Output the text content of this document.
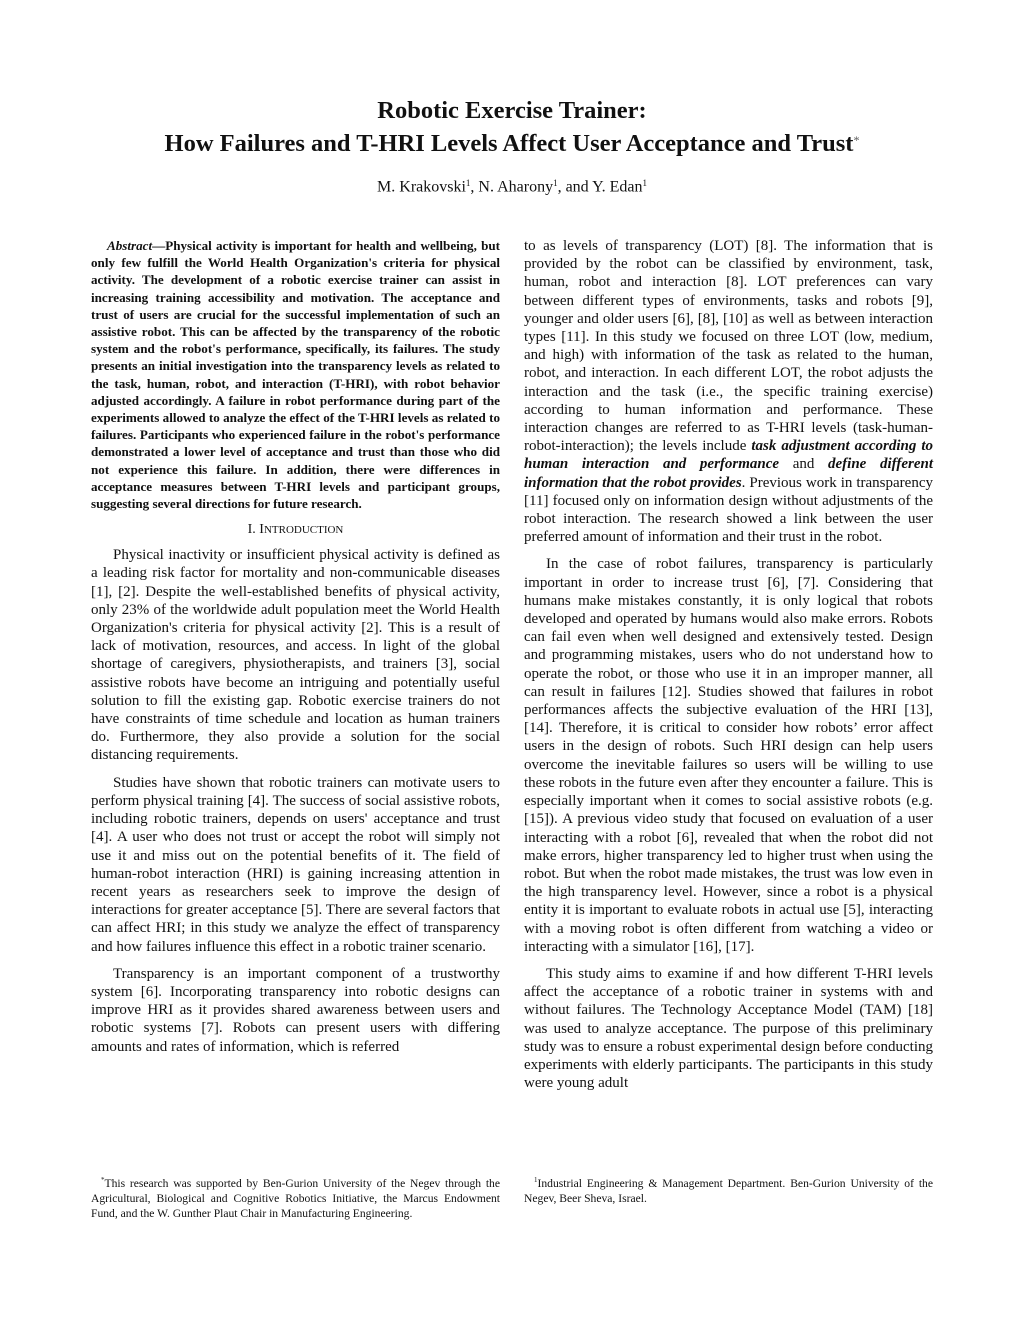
Robotic Exercise Trainer:
How Failures and T-HRI Levels Affect User Acceptance and Trust*
M. Krakovski$^1$, N. Aharony$^1$, and Y. Edan$^1$

Abstract—Physical activity is important for health and wellbeing, but only few fulfill the World Health Organization's criteria for physical activity. The development of a robotic exercise trainer can assist in increasing training accessibility and motivation. The acceptance and trust of users are crucial for the successful implementation of such an assistive robot. This can be affected by the transparency of the robotic system and the robot's performance, specifically, its failures. The study presents an initial investigation into the transparency levels as related to the task, human, robot, and interaction (T-HRI), with robot behavior adjusted accordingly. A failure in robot performance during part of the experiments allowed to analyze the effect of the T-HRI levels as related to failures. Participants who experienced failure in the robot's performance demonstrated a lower level of acceptance and trust than those who did not experience this failure. In addition, there were differences in acceptance measures between T-HRI levels and participant groups, suggesting several directions for future research.

I. INTRODUCTION

Physical inactivity or insufficient physical activity is defined as a leading risk factor for mortality and non-communicable diseases [1], [2]. Despite the well-established benefits of physical activity, only 23% of the worldwide adult population meet the World Health Organization's criteria for physical activity [2]. This is a result of lack of motivation, resources, and access. In light of the global shortage of caregivers, physiotherapists, and trainers [3], social assistive robots have become an intriguing and potentially useful solution to fill the existing gap. Robotic exercise trainers do not have constraints of time schedule and location as human trainers do. Furthermore, they also provide a solution for the social distancing requirements.

Studies have shown that robotic trainers can motivate users to perform physical training [4]. The success of social assistive robots, including robotic trainers, depends on users' acceptance and trust [4]. A user who does not trust or accept the robot will simply not use it and miss out on the potential benefits of it. The field of human-robot interaction (HRI) is gaining increasing attention in recent years as researchers seek to improve the design of interactions for greater acceptance [5]. There are several factors that can affect HRI; in this study we analyze the effect of transparency and how failures influence this effect in a robotic trainer scenario.

Transparency is an important component of a trustworthy system [6]. Incorporating transparency into robotic designs can improve HRI as it provides shared awareness between users and robotic systems [7]. Robots can present users with differing amounts and rates of information, which is referred

to as levels of transparency (LOT) [8]. The information that is provided by the robot can be classified by environment, task, human, robot and interaction [8]. LOT preferences can vary between different types of environments, tasks and robots [9], younger and older users [6], [8], [10] as well as between interaction types [11]. In this study we focused on three LOT (low, medium, and high) with information of the task as related to the human, robot, and interaction. In each different LOT, the robot adjusts the interaction and the task (i.e., the specific training exercise) according to human information and performance. These interaction changes are referred to as T-HRI levels (task-human-robot-interaction); the levels include task adjustment according to human interaction and performance and define different information that the robot provides. Previous work in transparency [11] focused only on information design without adjustments of the robot interaction. The research showed a link between the user preferred amount of information and their trust in the robot.

In the case of robot failures, transparency is particularly important in order to increase trust [6], [7]. Considering that humans make mistakes constantly, it is only logical that robots developed and operated by humans would also make errors. Robots can fail even when well designed and extensively tested. Design and programming mistakes, users who do not understand how to operate the robot, or those who use it in an improper manner, all can result in failures [12]. Studies showed that failures in robot performances affects the subjective evaluation of the HRI [13], [14]. Therefore, it is critical to consider how robots’ error affect users in the design of robots. Such HRI design can help users overcome the inevitable failures so users will be willing to use these robots in the future even after they encounter a failure. This is especially important when it comes to social assistive robots (e.g. [15]). A previous video study that focused on evaluation of a user interacting with a robot [6], revealed that when the robot did not make errors, higher transparency led to higher trust when using the robot. But when the robot made mistakes, the trust was low even in the high transparency level. However, since a robot is a physical entity it is important to evaluate robots in actual use [5], interacting with a moving robot is often different from watching a video or interacting with a simulator [16], [17].

This study aims to examine if and how different T-HRI levels affect the acceptance of a robotic trainer in systems with and without failures. The Technology Acceptance Model (TAM) [18] was used to analyze acceptance. The purpose of this preliminary study was to ensure a robust experimental design before conducting experiments with elderly participants. The participants in this study were young adult

*This research was supported by Ben-Gurion University of the Negev through the Agricultural, Biological and Cognitive Robotics Initiative, the Marcus Endowment Fund, and the W. Gunther Plaut Chair in Manufacturing Engineering.
$^1$Industrial Engineering & Management Department. Ben-Gurion University of the Negev, Beer Sheva, Israel.
